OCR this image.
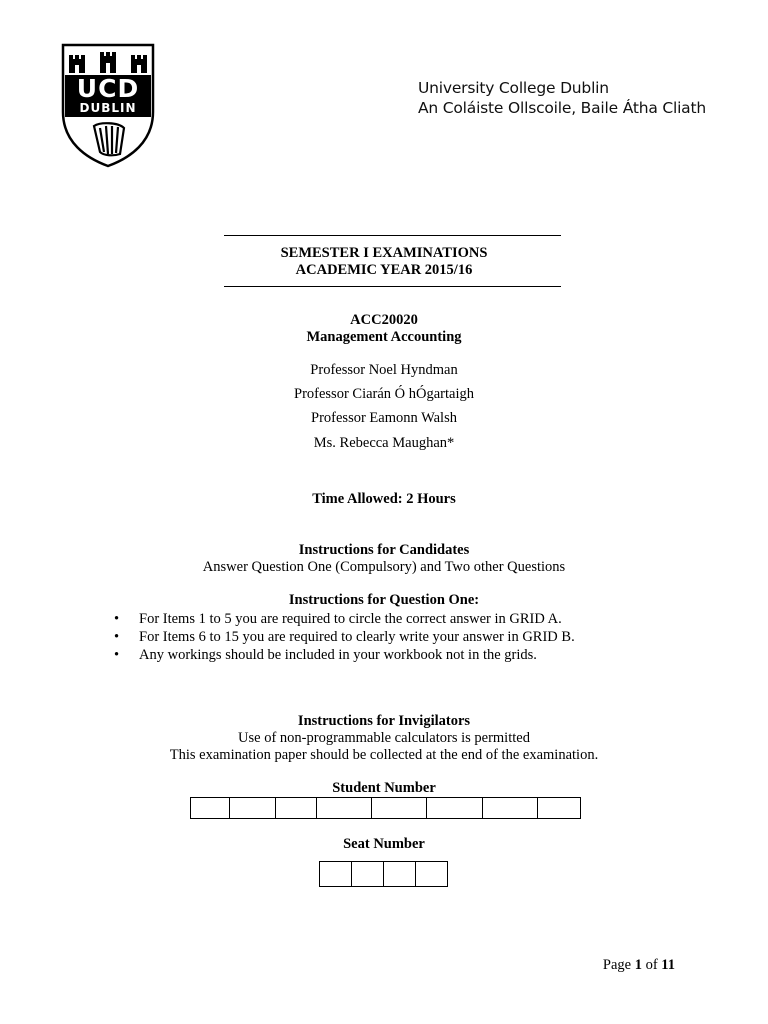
UCD
DUBLIN
University College Dublin
An Coláiste Ollscoile, Baile Átha Cliath
SEMESTER I EXAMINATIONS
ACADEMIC YEAR 2015/16
ACC20020
Management Accounting
Professor Noel Hyndman
Professor Ciarán Ó hÓgartaigh
Professor Eamonn Walsh
Ms. Rebecca Maughan*
Time Allowed: 2 Hours
Instructions for Candidates
Answer Question One (Compulsory) and Two other Questions
Instructions for Question One:
• For Items 1 to 5 you are required to circle the correct answer in GRID A.
• For Items 6 to 15 you are required to clearly write your answer in GRID B.
• Any workings should be included in your workbook not in the grids.
Instructions for Invigilators
Use of non-programmable calculators is permitted
This examination paper should be collected at the end of the examination.
Student Number

Seat Number

Page 1 of 11
